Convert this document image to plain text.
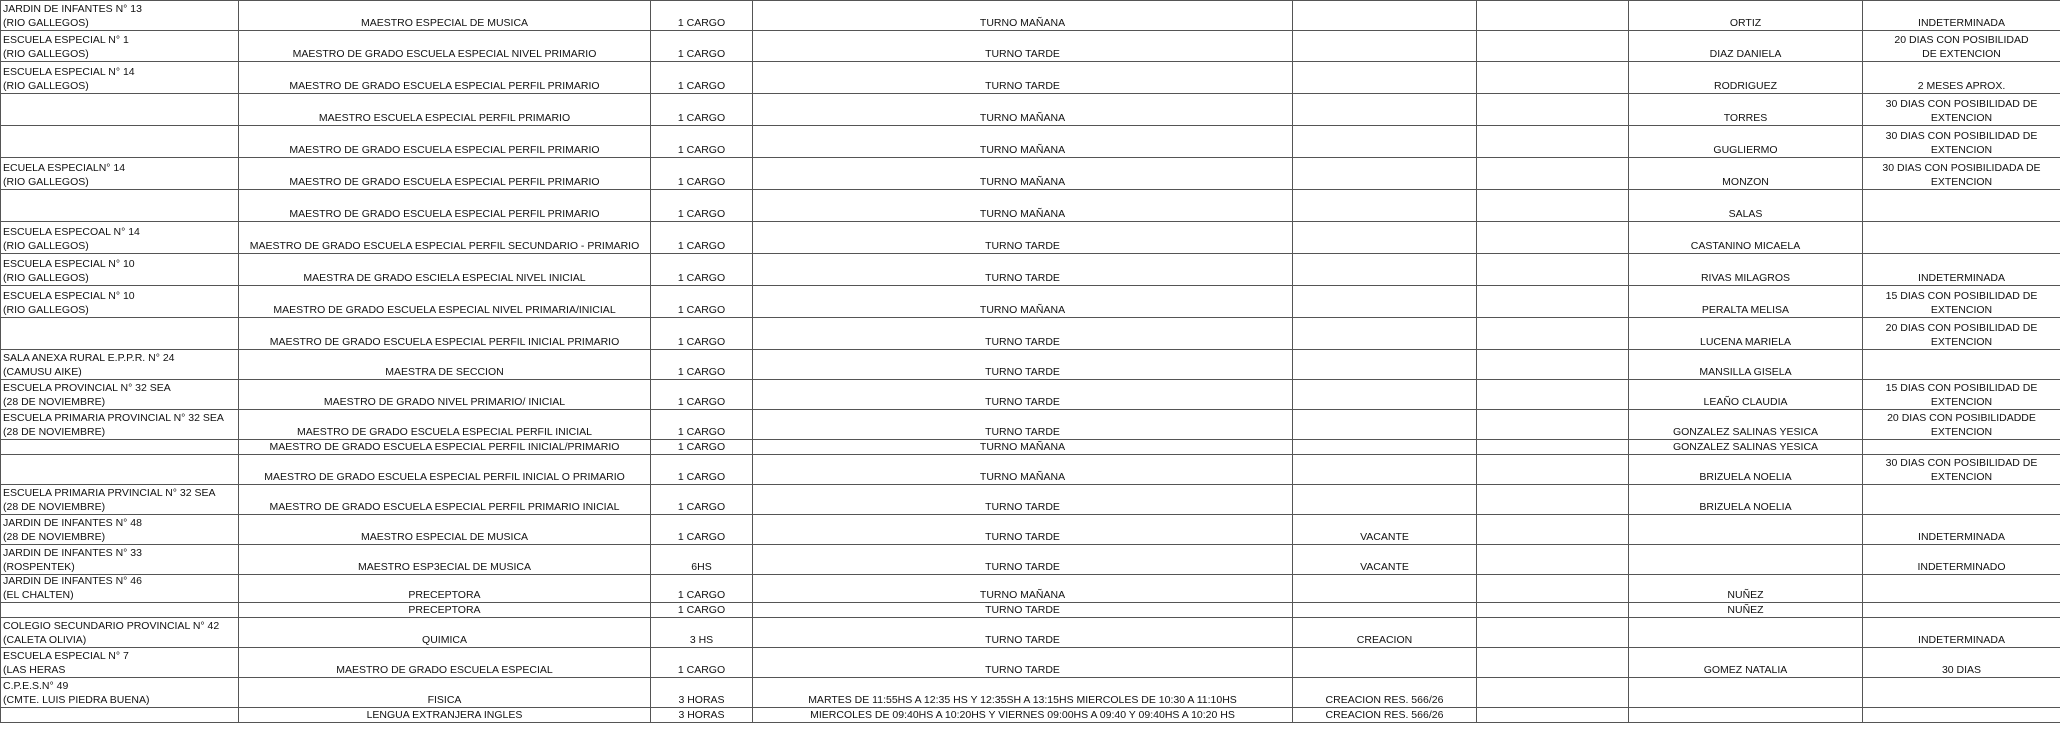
JARDIN DE INFANTES N° 13
(RIO GALLEGOS)	MAESTRO ESPECIAL DE MUSICA	1 CARGO	TURNO MAÑANA			ORTIZ	INDETERMINADA
ESCUELA ESPECIAL N° 1
(RIO GALLEGOS)	MAESTRO DE GRADO ESCUELA ESPECIAL NIVEL PRIMARIO	1 CARGO	TURNO TARDE			DIAZ DANIELA	20 DIAS CON POSIBILIDAD
DE EXTENCION
ESCUELA ESPECIAL N° 14
(RIO GALLEGOS)	MAESTRO DE GRADO ESCUELA ESPECIAL PERFIL PRIMARIO	1 CARGO	TURNO TARDE			RODRIGUEZ	2 MESES APROX.
	MAESTRO ESCUELA ESPECIAL PERFIL PRIMARIO	1 CARGO	TURNO MAÑANA			TORRES	30 DIAS CON POSIBILIDAD DE
EXTENCION
	MAESTRO DE GRADO ESCUELA ESPECIAL PERFIL PRIMARIO	1 CARGO	TURNO MAÑANA			GUGLIERMO	30 DIAS CON POSIBILIDAD DE
EXTENCION
ECUELA ESPECIALN° 14
(RIO GALLEGOS)	MAESTRO DE GRADO ESCUELA ESPECIAL PERFIL PRIMARIO	1 CARGO	TURNO MAÑANA			MONZON	30 DIAS CON POSIBILIDADA DE
EXTENCION
	MAESTRO DE GRADO ESCUELA ESPECIAL PERFIL PRIMARIO	1 CARGO	TURNO MAÑANA			SALAS	
ESCUELA ESPECOAL N° 14
(RIO GALLEGOS)	MAESTRO DE GRADO ESCUELA ESPECIAL PERFIL SECUNDARIO - PRIMARIO	1 CARGO	TURNO TARDE			CASTANINO MICAELA	
ESCUELA ESPECIAL N° 10
(RIO GALLEGOS)	MAESTRA DE GRADO ESCIELA ESPECIAL NIVEL INICIAL	1 CARGO	TURNO TARDE			RIVAS MILAGROS	INDETERMINADA
ESCUELA ESPECIAL N° 10
(RIO GALLEGOS)	MAESTRO DE GRADO ESCUELA ESPECIAL NIVEL PRIMARIA/INICIAL	1 CARGO	TURNO MAÑANA			PERALTA MELISA	15 DIAS CON POSIBILIDAD DE
EXTENCION
	MAESTRO DE GRADO ESCUELA ESPECIAL PERFIL INICIAL PRIMARIO	1 CARGO	TURNO TARDE			LUCENA MARIELA	20 DIAS CON POSIBILIDAD DE
EXTENCION
SALA ANEXA RURAL E.P.P.R. N° 24
(CAMUSU AIKE)	MAESTRA DE SECCION	1 CARGO	TURNO TARDE			MANSILLA GISELA	
ESCUELA PROVINCIAL N° 32 SEA
(28 DE NOVIEMBRE)	MAESTRO DE GRADO NIVEL PRIMARIO/ INICIAL	1 CARGO	TURNO TARDE			LEAÑO CLAUDIA	15 DIAS CON POSIBILIDAD DE
EXTENCION
ESCUELA PRIMARIA PROVINCIAL N° 32 SEA
(28 DE NOVIEMBRE)	MAESTRO DE GRADO ESCUELA ESPECIAL PERFIL INICIAL	1 CARGO	TURNO TARDE			GONZALEZ SALINAS YESICA	20 DIAS CON POSIBILIDADDE
EXTENCION
	MAESTRO DE GRADO ESCUELA ESPECIAL PERFIL INICIAL/PRIMARIO	1 CARGO	TURNO MAÑANA			GONZALEZ SALINAS YESICA	
	MAESTRO DE GRADO ESCUELA ESPECIAL PERFIL INICIAL O PRIMARIO	1 CARGO	TURNO MAÑANA			BRIZUELA NOELIA	30 DIAS CON POSIBILIDAD DE
EXTENCION
ESCUELA PRIMARIA PRVINCIAL N° 32 SEA
(28 DE NOVIEMBRE)	MAESTRO DE GRADO ESCUELA ESPECIAL PERFIL PRIMARIO INICIAL	1 CARGO	TURNO TARDE			BRIZUELA NOELIA	
JARDIN DE INFANTES N° 48
(28 DE NOVIEMBRE)	MAESTRO ESPECIAL DE MUSICA	1 CARGO	TURNO TARDE	VACANTE			INDETERMINADA
JARDIN DE INFANTES N° 33
(ROSPENTEK)	MAESTRO ESP3ECIAL DE MUSICA	6HS	TURNO TARDE	VACANTE			INDETERMINADO
JARDIN DE INFANTES N° 46
(EL CHALTEN)	PRECEPTORA	1 CARGO	TURNO MAÑANA			NUÑEZ	
	PRECEPTORA	1 CARGO	TURNO TARDE			NUÑEZ	
COLEGIO SECUNDARIO PROVINCIAL N° 42
(CALETA OLIVIA)	QUIMICA	3 HS	TURNO TARDE	CREACION			INDETERMINADA
ESCUELA ESPECIAL N° 7
(LAS HERAS	MAESTRO DE GRADO ESCUELA ESPECIAL	1 CARGO	TURNO TARDE			GOMEZ NATALIA	30 DIAS
C.P.E.S.N° 49
(CMTE. LUIS PIEDRA BUENA)	FISICA	3 HORAS	MARTES DE 11:55HS A 12:35 HS Y 12:35SH A 13:15HS MIERCOLES DE 10:30 A 11:10HS	CREACION RES. 566/26			
	LENGUA EXTRANJERA INGLES	3 HORAS	MIERCOLES DE 09:40HS A 10:20HS Y VIERNES 09:00HS A 09:40 Y 09:40HS A 10:20 HS	CREACION RES. 566/26			
